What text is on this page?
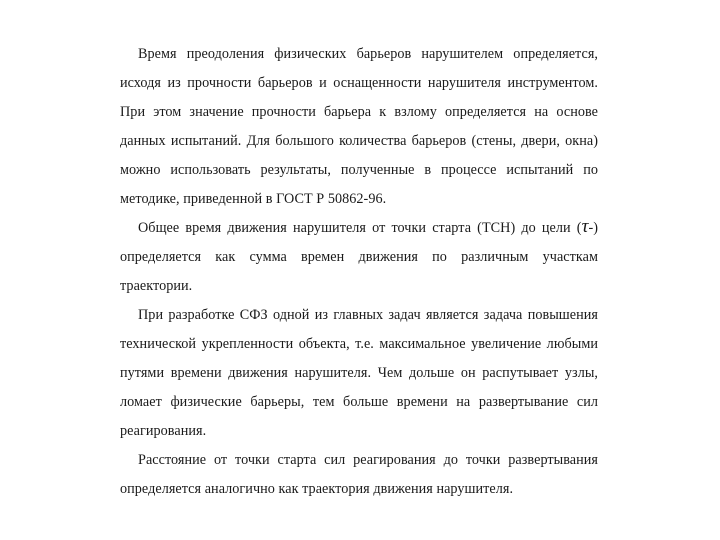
Время преодоления физических барьеров нарушителем определяется, исходя из прочности барьеров и оснащенности нарушителя инструментом. При этом значение прочности барьера к взлому определяется на основе данных испытаний. Для большого количества барьеров (стены, двери, окна) можно использовать результаты, полученные в процессе испытаний по методике, приведенной в ГОСТ Р 50862-96.

Общее время движения нарушителя от точки старта (ТСН) до цели (τ-) определяется как сумма времен движения по различным участкам траектории.

При разработке СФЗ одной из главных задач является задача повышения технической укрепленности объекта, т.е. максимальное увеличение любыми путями времени движения нарушителя. Чем дольше он распутывает узлы, ломает физические барьеры, тем больше времени на развертывание сил реагирования.

Расстояние от точки старта сил реагирования до точки развертывания определяется аналогично как траектория движения нарушителя.
